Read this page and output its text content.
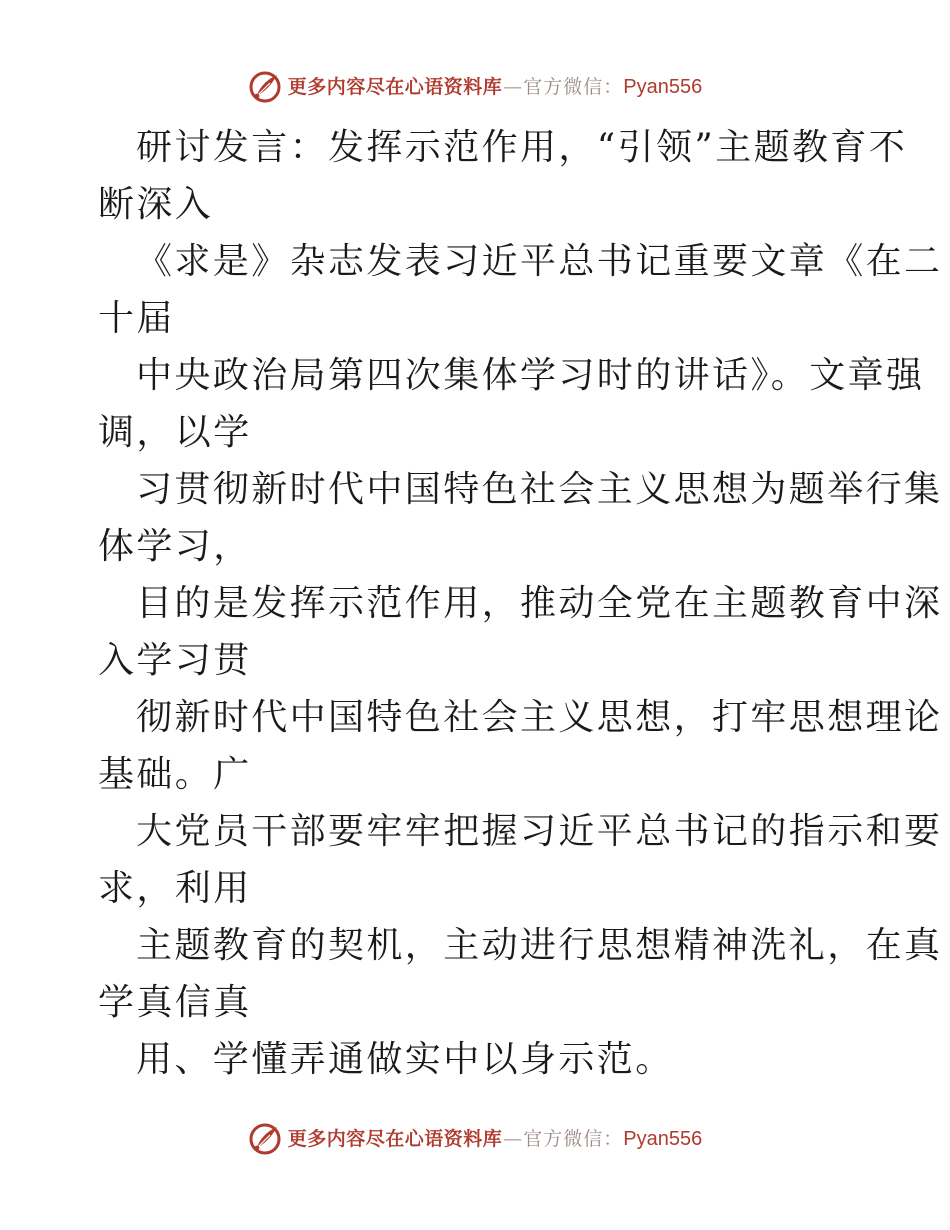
更多内容尽在心语资料库 — 官方微信： Pyan556
研讨发言：发挥示范作用，“引领”主题教育不
断深入
《求是》杂志发表习近平总书记重要文章《在二
十届
中央政治局第四次集体学习时的讲话》。文章强
调，以学
习贯彻新时代中国特色社会主义思想为题举行集
体学习，
目的是发挥示范作用，推动全党在主题教育中深
入学习贯
彻新时代中国特色社会主义思想，打牢思想理论
基础。广
大党员干部要牢牢把握习近平总书记的指示和要
求，利用
主题教育的契机，主动进行思想精神洗礼，在真
学真信真
用、学懂弄通做实中以身示范。
更多内容尽在心语资料库 — 官方微信： Pyan556
